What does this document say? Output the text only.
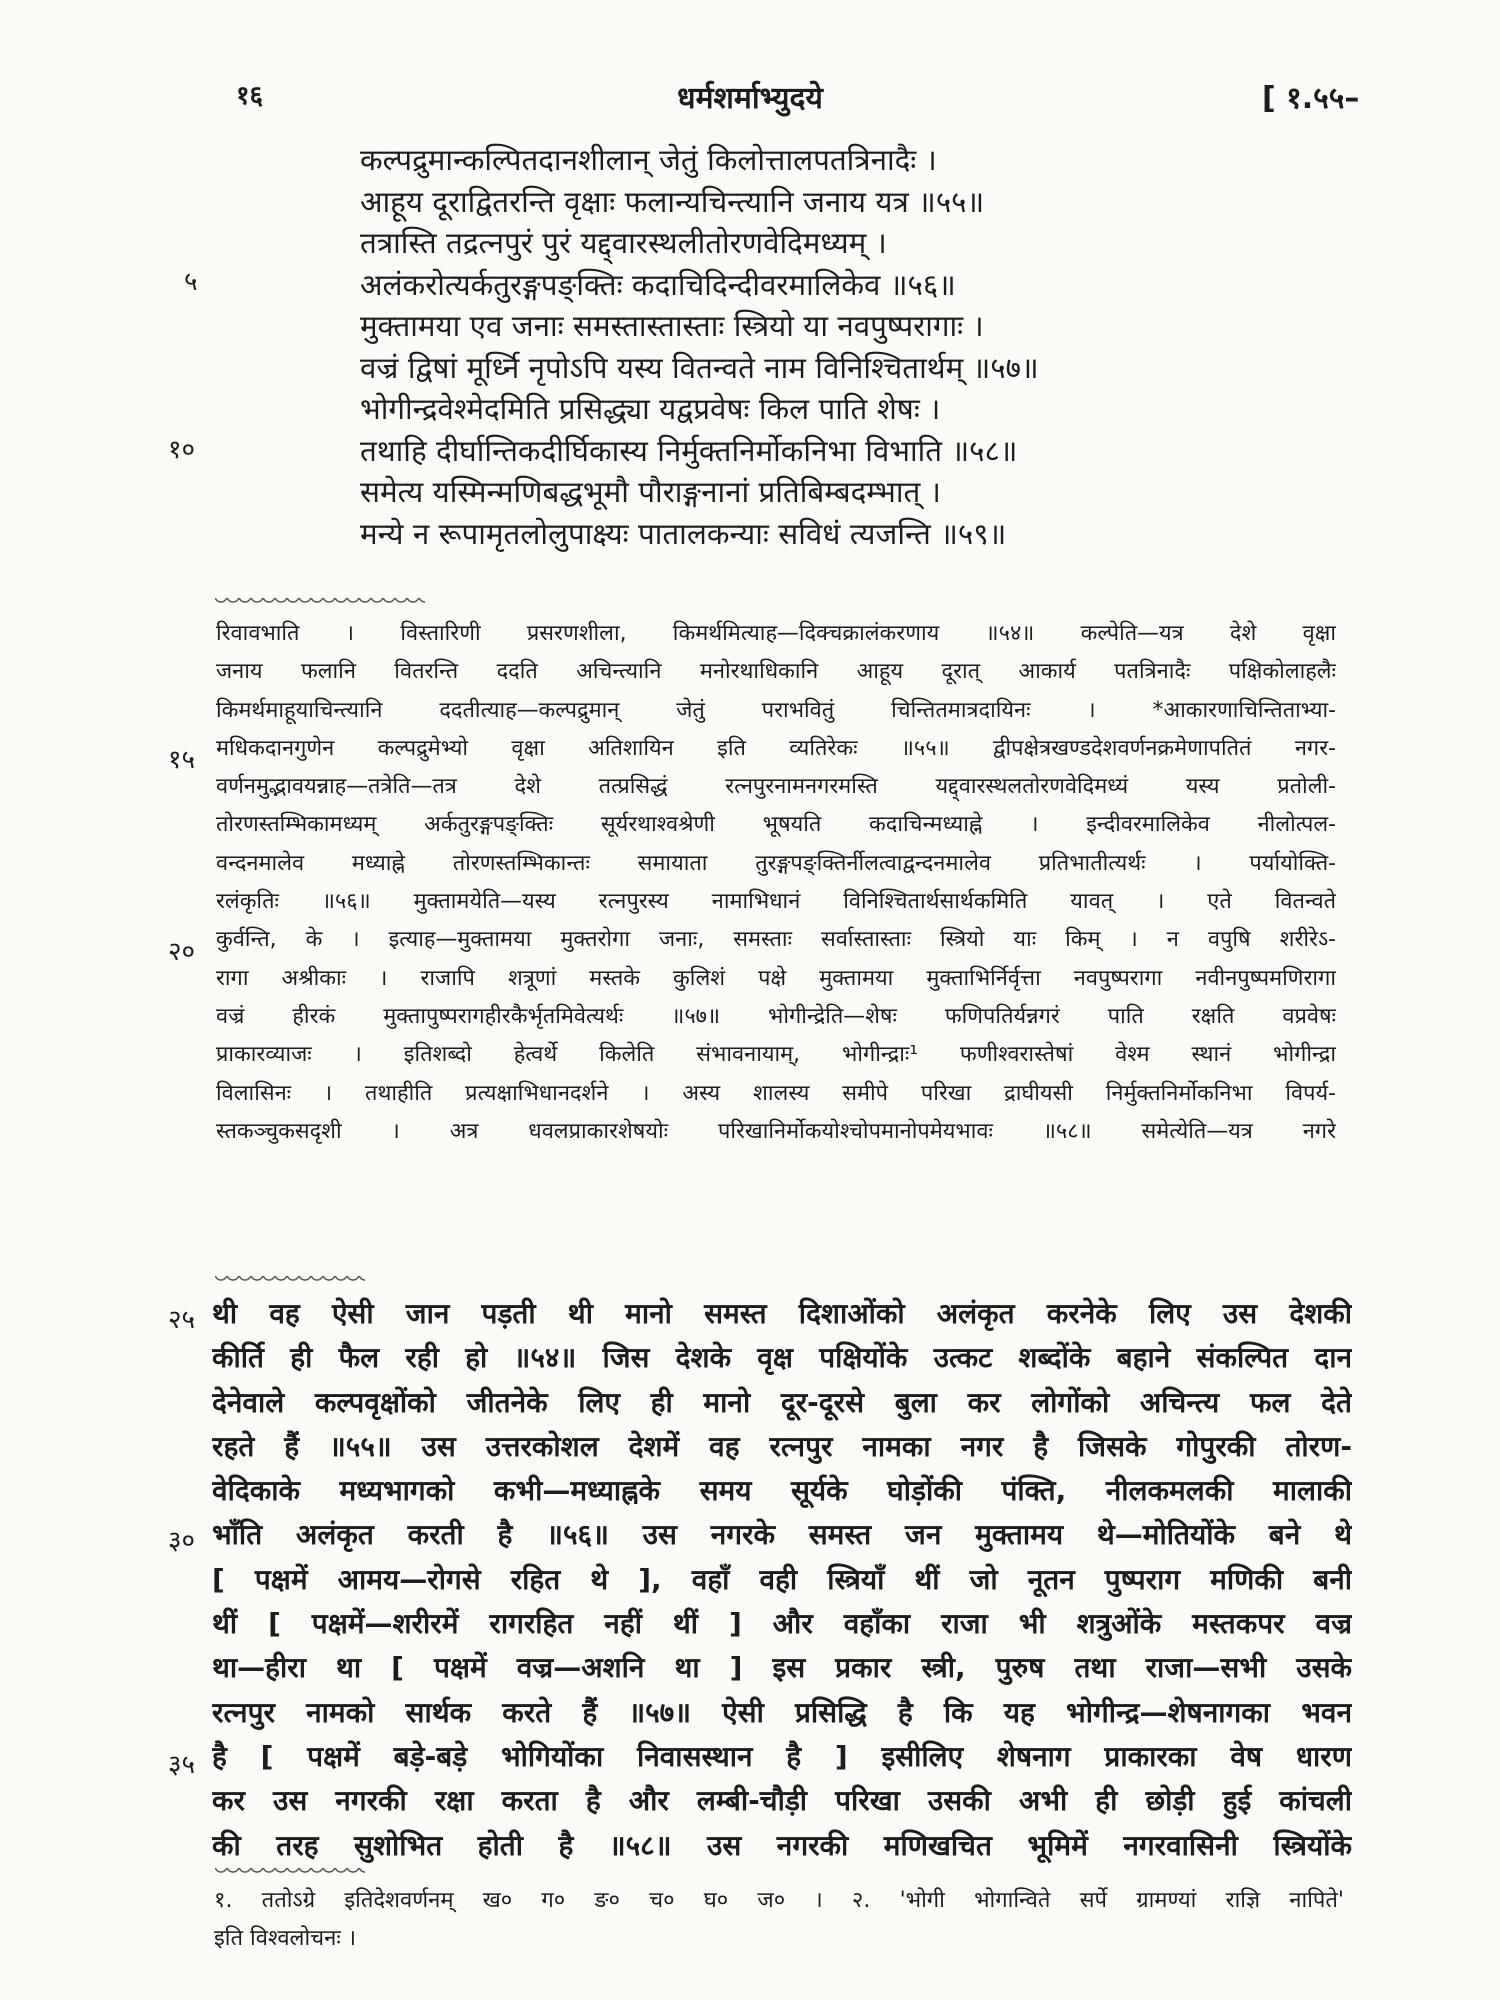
१६	धर्मशर्माभ्युदये	[ १.५५–
५
१०
१५
२०
२५
३०
३५
कल्पद्रुमान्कल्पितदानशीलान् जेतुं किलोत्तालपतत्रिनादैः ।
आहूय दूराद्वितरन्ति वृक्षाः फलान्यचिन्त्यानि जनाय यत्र ॥५५॥
तत्रास्ति तद्रत्नपुरं पुरं यद्द्वारस्थलीतोरणवेदिमध्यम् ।
अलंकरोत्यर्कतुरङ्गपङ्क्तिः कदाचिदिन्दीवरमालिकेव ॥५६॥
मुक्तामया एव जनाः समस्तास्तास्ताः स्त्रियो या नवपुष्परागाः ।
वज्रं द्विषां मूर्ध्नि नृपोऽपि यस्य वितन्वते नाम विनिश्चितार्थम् ॥५७॥
भोगीन्द्रवेश्मेदमिति प्रसिद्ध्या यद्वप्रवेषः किल पाति शेषः ।
तथाहि दीर्घान्तिकदीर्घिकास्य निर्मुक्तनिर्मोकनिभा विभाति ॥५८॥
समेत्य यस्मिन्मणिबद्धभूमौ पौराङ्गनानां प्रतिबिम्बदम्भात् ।
मन्ये न रूपामृतलोलुपाक्ष्यः पातालकन्याः सविधं त्यजन्ति ॥५९॥
रिवावभाति । विस्तारिणी प्रसरणशीला, किमर्थमित्याह—दिक्चक्रालंकरणाय ॥५४॥ कल्पेति—यत्र देशे वृक्षा
जनाय फलानि वितरन्ति ददति अचिन्त्यानि मनोरथाधिकानि आहूय दूरात् आकार्य पतत्रिनादैः पक्षिकोलाहलैः
किमर्थमाहूयाचिन्त्यानि ददतीत्याह—कल्पद्रुमान् जेतुं पराभवितुं चिन्तितमात्रदायिनः । *आकारणाचिन्तिताभ्या-
मधिकदानगुणेन कल्पद्रुमेभ्यो वृक्षा अतिशायिन इति व्यतिरेकः ॥५५॥ द्वीपक्षेत्रखण्डदेशवर्णनक्रमेणापतितं नगर-
वर्णनमुद्भावयन्नाह—तत्रेति—तत्र देशे तत्प्रसिद्धं रत्नपुरनामनगरमस्ति यद्द्वारस्थलतोरणवेदिमध्यं यस्य प्रतोली-
तोरणस्तम्भिकामध्यम् अर्कतुरङ्गपङ्क्तिः सूर्यरथाश्वश्रेणी भूषयति कदाचिन्मध्याह्ने । इन्दीवरमालिकेव नीलोत्पल-
वन्दनमालेव मध्याह्ने तोरणस्तम्भिकान्तः समायाता तुरङ्गपङ्क्तिर्नीलत्वाद्वन्दनमालेव प्रतिभातीत्यर्थः । पर्यायोक्ति-
रलंकृतिः ॥५६॥ मुक्तामयेति—यस्य रत्नपुरस्य नामाभिधानं विनिश्चितार्थसार्थकमिति यावत् । एते वितन्वते
कुर्वन्ति, के । इत्याह—मुक्तामया मुक्तरोगा जनाः, समस्ताः सर्वास्तास्ताः स्त्रियो याः किम् । न वपुषि शरीरेऽ-
रागा अश्रीकाः । राजापि शत्रूणां मस्तके कुलिशं पक्षे मुक्तामया मुक्ताभिर्निर्वृत्ता नवपुष्परागा नवीनपुष्पमणिरागा
वज्रं हीरकं मुक्तापुष्परागहीरकैर्भृतमिवेत्यर्थः ॥५७॥ भोगीन्द्रेति—शेषः फणिपतिर्यन्नगरं पाति रक्षति वप्रवेषः
प्राकारव्याजः । इतिशब्दो हेत्वर्थे किलेति संभावनायाम्, भोगीन्द्राः¹ फणीश्वरास्तेषां वेश्म स्थानं भोगीन्द्रा
विलासिनः । तथाहीति प्रत्यक्षाभिधानदर्शने । अस्य शालस्य समीपे परिखा द्राघीयसी निर्मुक्तनिर्मोकनिभा विपर्य-
स्तकञ्चुकसदृशी । अत्र धवलप्राकारशेषयोः परिखानिर्मोकयोश्चोपमानोपमेयभावः ॥५८॥ समेत्येति—यत्र नगरे
थी वह ऐसी जान पड़ती थी मानो समस्त दिशाओंको अलंकृत करनेके लिए उस देशकी
कीर्ति ही फैल रही हो ॥५४॥ जिस देशके वृक्ष पक्षियोंके उत्कट शब्दोंके बहाने संकल्पित दान
देनेवाले कल्पवृक्षोंको जीतनेके लिए ही मानो दूर-दूरसे बुला कर लोगोंको अचिन्त्य फल देते
रहते हैं ॥५५॥ उस उत्तरकोशल देशमें वह रत्नपुर नामका नगर है जिसके गोपुरकी तोरण-
वेदिकाके मध्यभागको कभी—मध्याह्नके समय सूर्यके घोड़ोंकी पंक्ति, नीलकमलकी मालाकी
भाँति अलंकृत करती है ॥५६॥ उस नगरके समस्त जन मुक्तामय थे—मोतियोंके बने थे
[ पक्षमें आमय—रोगसे रहित थे ], वहाँ वही स्त्रियाँ थीं जो नूतन पुष्पराग मणिकी बनी
थीं [ पक्षमें—शरीरमें रागरहित नहीं थीं ] और वहाँका राजा भी शत्रुओंके मस्तकपर वज्र
था—हीरा था [ पक्षमें वज्र—अशनि था ] इस प्रकार स्त्री, पुरुष तथा राजा—सभी उसके
रत्नपुर नामको सार्थक करते हैं ॥५७॥ ऐसी प्रसिद्धि है कि यह भोगीन्द्र—शेषनागका भवन
है [ पक्षमें बड़े-बड़े भोगियोंका निवासस्थान है ] इसीलिए शेषनाग प्राकारका वेष धारण
कर उस नगरकी रक्षा करता है और लम्बी-चौड़ी परिखा उसकी अभी ही छोड़ी हुई कांचली
की तरह सुशोभित होती है ॥५८॥ उस नगरकी मणिखचित भूमिमें नगरवासिनी स्त्रियोंके
१. ततोऽग्रे इतिदेशवर्णनम् ख० ग० ङ० च० घ० ज० । २. 'भोगी भोगान्विते सर्पे ग्रामण्यां राज्ञि नापिते'
इति विश्वलोचनः ।
